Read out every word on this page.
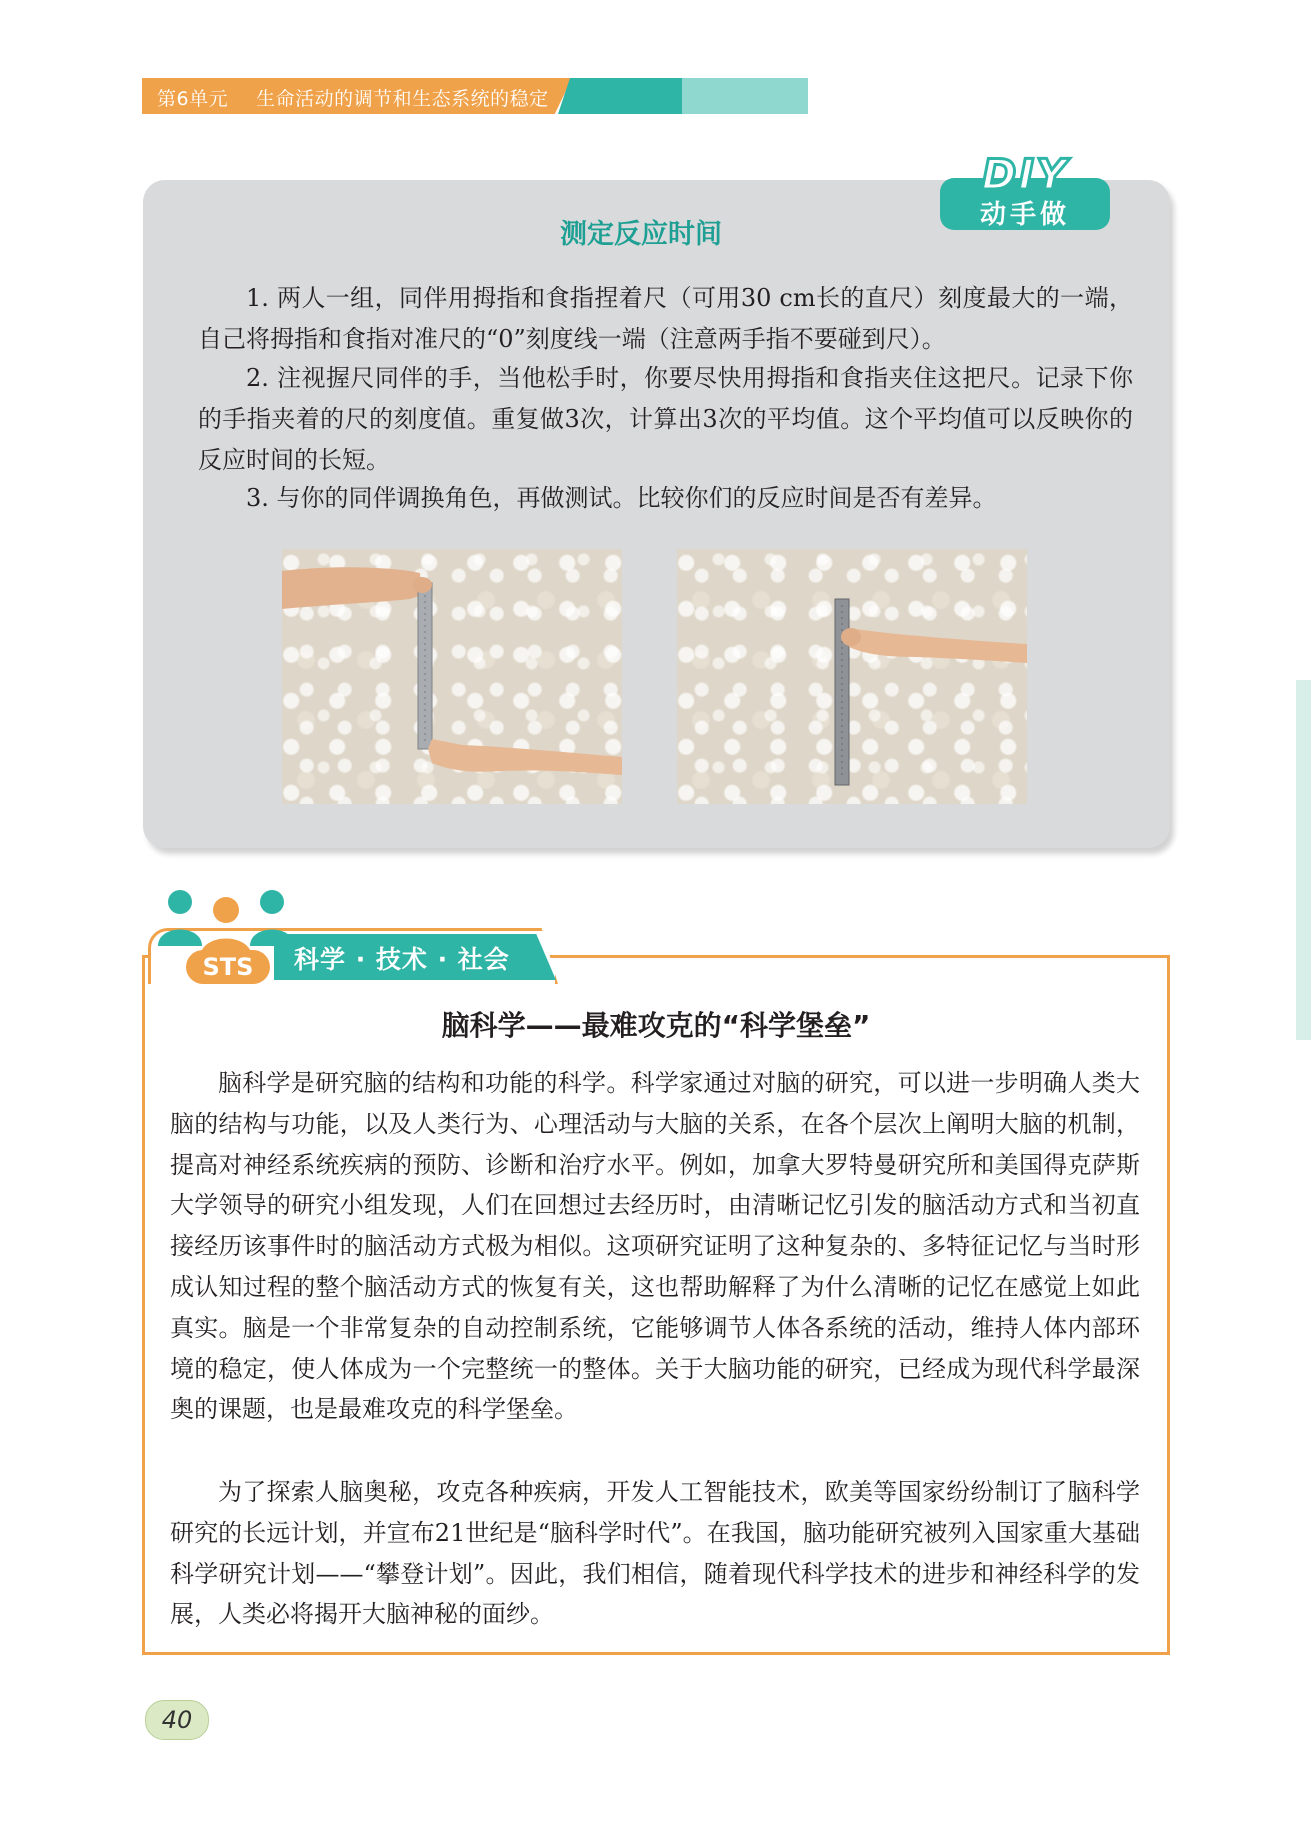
第6单元 生命活动的调节和生态系统的稳定
DIY
动手做
测定反应时间
1. 两人一组，同伴用拇指和食指捏着尺（可用30 cm长的直尺）刻度最大的一端，自己将拇指和食指对准尺的“0”刻度线一端（注意两手指不要碰到尺）。
2. 注视握尺同伴的手，当他松手时，你要尽快用拇指和食指夹住这把尺。记录下你的手指夹着的尺的刻度值。重复做3次，计算出3次的平均值。这个平均值可以反映你的反应时间的长短。
3. 与你的同伴调换角色，再做测试。比较你们的反应时间是否有差异。
STS	科学 · 技术 · 社会
脑科学——最难攻克的“科学堡垒”
脑科学是研究脑的结构和功能的科学。科学家通过对脑的研究，可以进一步明确人类大脑的结构与功能，以及人类行为、心理活动与大脑的关系，在各个层次上阐明大脑的机制，提高对神经系统疾病的预防、诊断和治疗水平。例如，加拿大罗特曼研究所和美国得克萨斯大学领导的研究小组发现，人们在回想过去经历时，由清晰记忆引发的脑活动方式和当初直接经历该事件时的脑活动方式极为相似。这项研究证明了这种复杂的、多特征记忆与当时形成认知过程的整个脑活动方式的恢复有关，这也帮助解释了为什么清晰的记忆在感觉上如此真实。脑是一个非常复杂的自动控制系统，它能够调节人体各系统的活动，维持人体内部环境的稳定，使人体成为一个完整统一的整体。关于大脑功能的研究，已经成为现代科学最深奥的课题，也是最难攻克的科学堡垒。
为了探索人脑奥秘，攻克各种疾病，开发人工智能技术，欧美等国家纷纷制订了脑科学研究的长远计划，并宣布21世纪是“脑科学时代”。在我国，脑功能研究被列入国家重大基础科学研究计划——“攀登计划”。因此，我们相信，随着现代科学技术的进步和神经科学的发展，人类必将揭开大脑神秘的面纱。
40
